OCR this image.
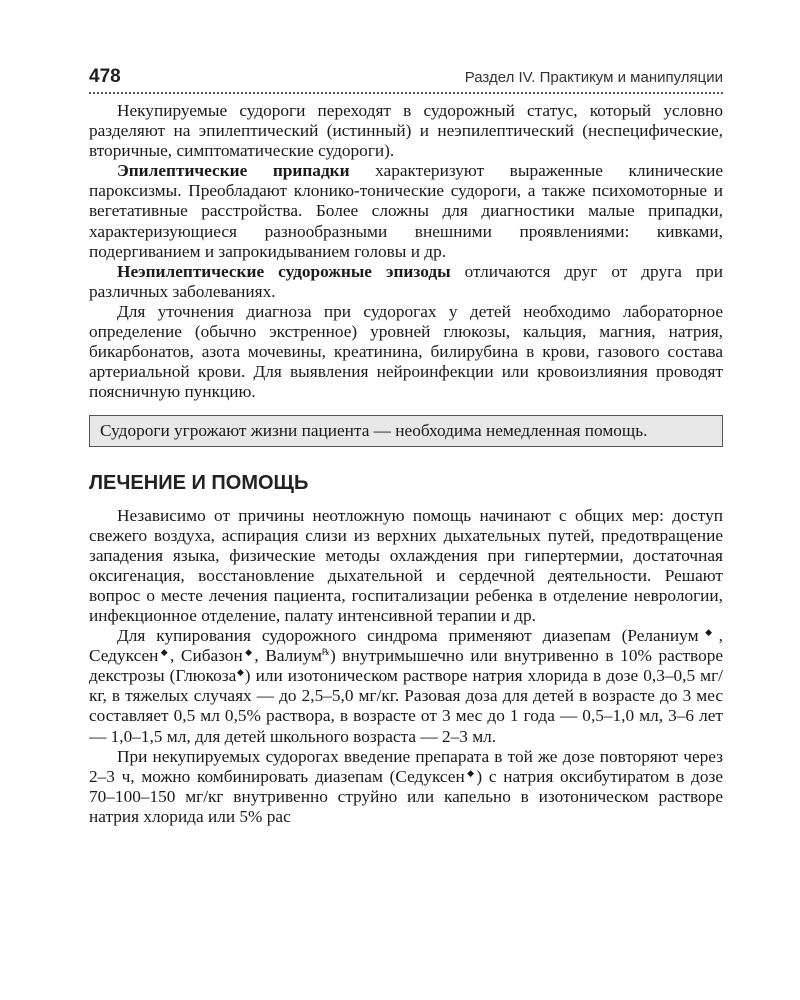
478	Раздел IV. Практикум и манипуляции

Некупируемые судороги переходят в судорожный статус, который условно разделяют на эпилептический (истинный) и неэпилептический (неспецифические, вторичные, симптоматические судороги).

Эпилептические припадки характеризуют выраженные клинические пароксизмы. Преобладают клонико-тонические судороги, а также психомоторные и вегетативные расстройства. Более сложны для диагностики малые припадки, характеризующиеся разнообразными внешними проявлениями: кивками, подергиванием и запрокидыванием головы и др.

Неэпилептические судорожные эпизоды отличаются друг от друга при различных заболеваниях.

Для уточнения диагноза при судорогах у детей необходимо лабораторное определение (обычно экстренное) уровней глюкозы, кальция, магния, натрия, бикарбонатов, азота мочевины, креатинина, билирубина в крови, газового состава артериальной крови. Для выявления нейроинфекции или кровоизлияния проводят поясничную пункцию.

Судороги угрожают жизни пациента — необходима немедленная помощь.
ЛЕЧЕНИЕ И ПОМОЩЬ

Независимо от причины неотложную помощь начинают с общих мер: доступ свежего воздуха, аспирация слизи из верхних дыхательных путей, предотвращение западения языка, физические методы охлаждения при гипертермии, достаточная оксигенация, восстановление дыхательной и сердечной деятельности. Решают вопрос о месте лечения пациента, госпитализации ребенка в отделение неврологии, инфекционное отделение, палату интенсивной терапии и др.

Для купирования судорожного синдрома применяют диазепам (Реланиум◆, Седуксен◆, Сибазон◆, Валиум℞) внутримышечно или внутривенно в 10% растворе декстрозы (Глюкоза◆) или изотоническом растворе натрия хлорида в дозе 0,3–0,5 мг/кг, в тяжелых случаях — до 2,5–5,0 мг/кг. Разовая доза для детей в возрасте до 3 мес составляет 0,5 мл 0,5% раствора, в возрасте от 3 мес до 1 года — 0,5–1,0 мл, 3–6 лет — 1,0–1,5 мл, для детей школьного возраста — 2–3 мл.

При некупируемых судорогах введение препарата в той же дозе повторяют через 2–3 ч, можно комбинировать диазепам (Седуксен◆) с натрия оксибутиратом в дозе 70–100–150 мг/кг внутривенно струйно или капельно в изотоническом растворе натрия хлорида или 5% рас
